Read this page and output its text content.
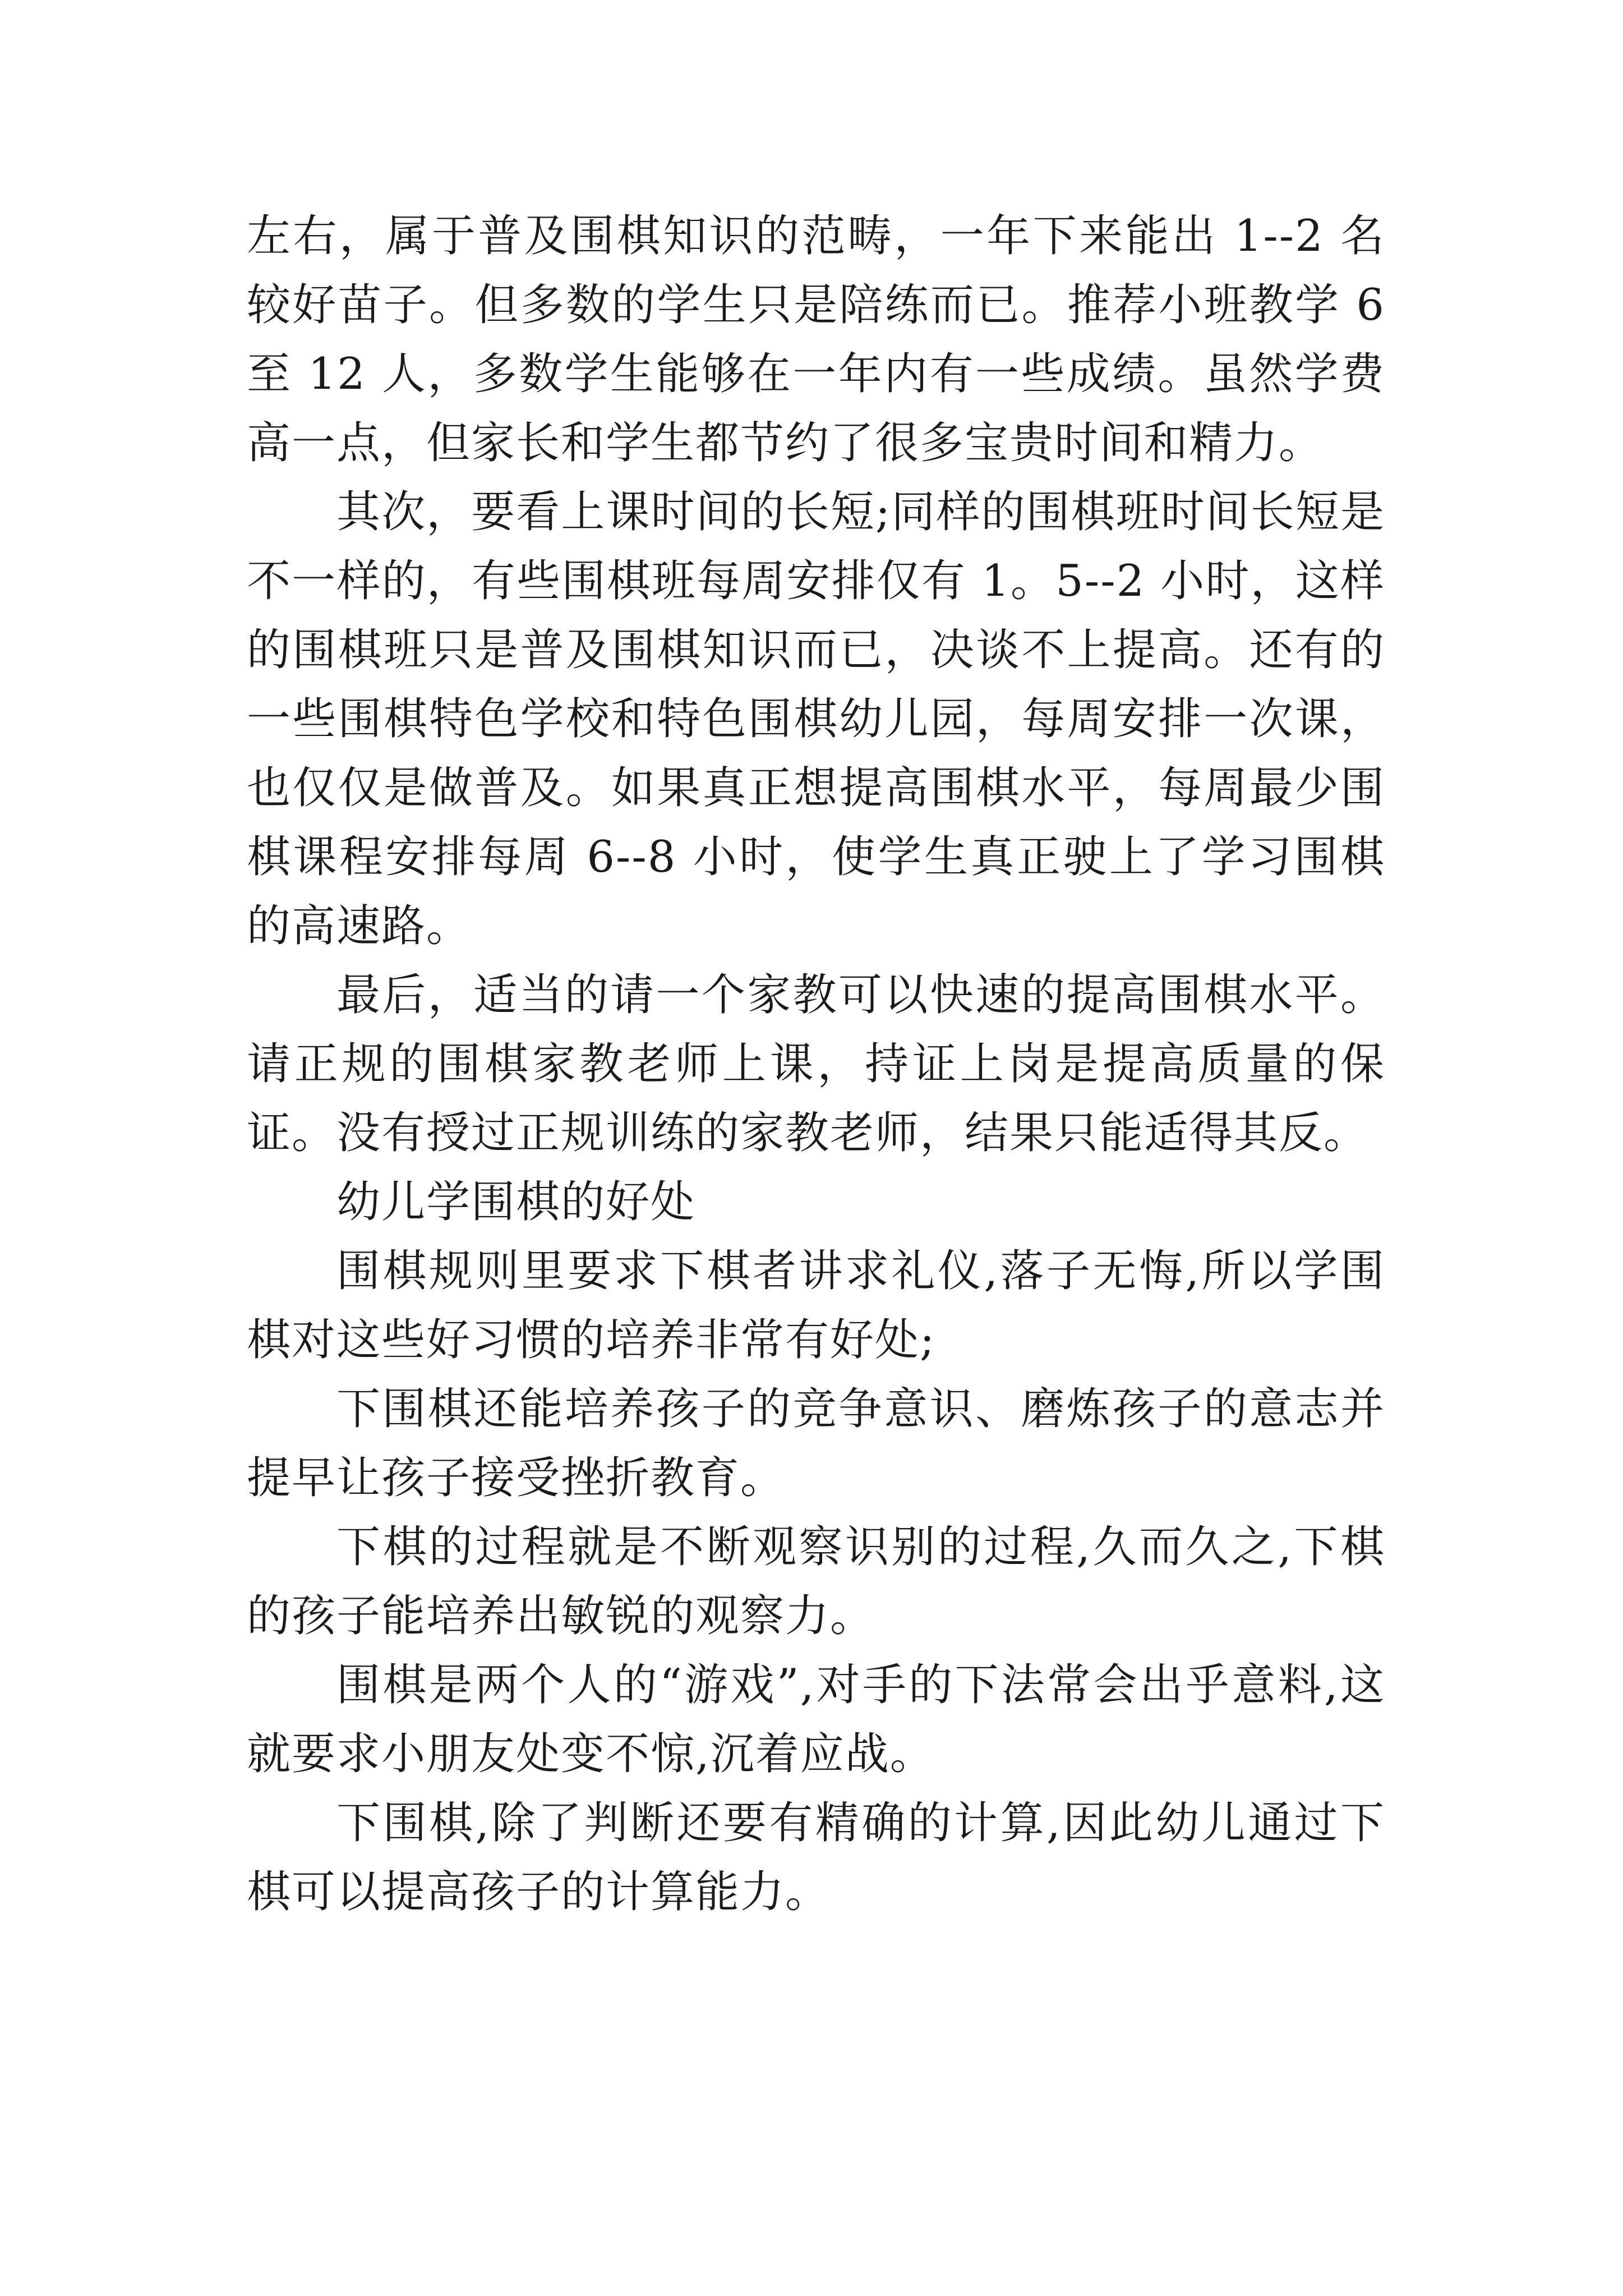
左右，属于普及围棋知识的范畴，一年下来能出 1--2 名较好苗子。但多数的学生只是陪练而已。推荐小班教学 6 至 12 人，多数学生能够在一年内有一些成绩。虽然学费高一点，但家长和学生都节约了很多宝贵时间和精力。

其次，要看上课时间的长短;同样的围棋班时间长短是不一样的，有些围棋班每周安排仅有 1。5--2 小时，这样的围棋班只是普及围棋知识而已，决谈不上提高。还有的一些围棋特色学校和特色围棋幼儿园，每周安排一次课，也仅仅是做普及。如果真正想提高围棋水平，每周最少围棋课程安排每周 6--8 小时，使学生真正驶上了学习围棋的高速路。

最后，适当的请一个家教可以快速的提高围棋水平。请正规的围棋家教老师上课，持证上岗是提高质量的保证。没有授过正规训练的家教老师，结果只能适得其反。

幼儿学围棋的好处

围棋规则里要求下棋者讲求礼仪,落子无悔,所以学围棋对这些好习惯的培养非常有好处;

下围棋还能培养孩子的竞争意识、磨炼孩子的意志并提早让孩子接受挫折教育。

下棋的过程就是不断观察识别的过程,久而久之,下棋的孩子能培养出敏锐的观察力。

围棋是两个人的“游戏”,对手的下法常会出乎意料,这就要求小朋友处变不惊,沉着应战。

下围棋,除了判断还要有精确的计算,因此幼儿通过下棋可以提高孩子的计算能力。
